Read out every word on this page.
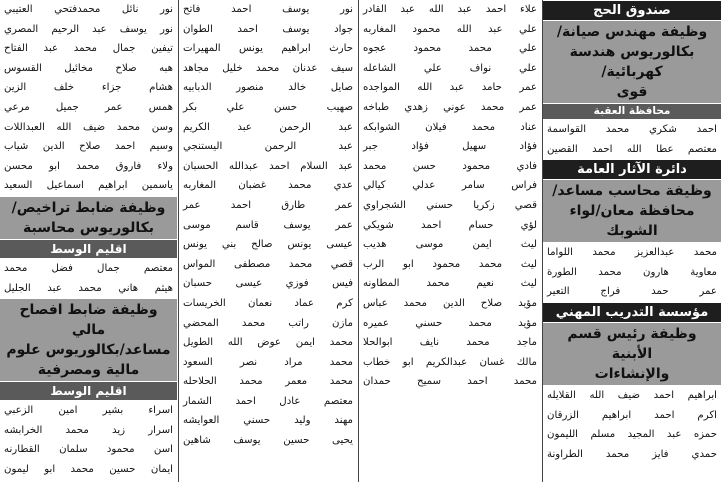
صندوق الحج
وظيفة مهندس صيانة/
بكالوريوس هندسة كهربائية/
قوى
محافظة العقبة
احمد شكري محمد القواسمة
معتصم عطا الله احمد القصين
دائرة الآثار العامة
وظيفة محاسب مساعد/
محافظة معان/لواء الشوبك
محمد عبدالعزيز محمد اللواما
معاوية هارون محمد الطورة
عمر حمد فراج التعير
مؤسسة التدريب المهني
وظيفة رئيس قسم الأبنية
والإنشاءات
ابراهيم احمد ضيف الله القلايله
اكرم احمد ابراهيم الزرقان
حمزه عبد المجيد مسلم الليمون
حمدي فايز محمد الطراونة
علاء احمد عبد الله عبد القادر
علي عبد الله محمود المغاربه
علي محمد محمود عجوه
علي نواف علي الشاعله
عمر حامد عبد الله المواجده
عمر محمد عوني زهدي طباخه
عناد محمد فيلان الشوابكه
فؤاد سهيل فؤاد جبر
فادي محمود حسن محمد
فراس سامر عدلي كيالي
قصي زكريا حسني الشجراوي
لؤي حسام احمد شويكي
ليث ايمن موسى هديب
ليث محمد محمود ابو الرب
ليث نعيم محمد المطاونه
مؤيد صلاح الدين محمد عباس
مؤيد محمد حسني عميره
ماجد محمد نايف ابوالحلا
مالك غسان عبدالكريم ابو خطاب
محمد احمد سميح حمدان
نور يوسف احمد فاتح
جواد يوسف احمد الطوان
حارث ابراهيم يونس المهيرات
سيف عدنان محمد خليل مجاهد
صايل خالد منصور الدبابيه
صهيب حسن علي بكر
عبد الرحمن عبد الكريم
عبد الرحمن اليستنجي
عبد السلام احمد عبدالله الحسبان
عدي محمد غضبان المغاربه
عمر طارق احمد عمر
عمر يوسف قاسم موسى
عيسى يونس صالح بني يونس
قصي محمد مصطفى المواس
فيس فوزي عيسى حسبان
كرم عماد نعمان الخريسات
مازن راتب محمد المحضي
محمد ايمن عوض الله الطويل
محمد مراد نصر السعود
محمد معمر محمد الحلاحله
معتصم عادل احمد الشمار
مهند وليد حسني العوايشه
يحيى حسين يوسف شاهين
نور نائل محمدفتحي العتيبي
نور يوسف عبد الرحيم المصري
تيفين جمال محمد عبد الفتاح
هبه صلاح مخائيل القسوس
هشام جزاء خلف الزين
همس عمر جميل مرعي
وسن محمد ضيف الله العبداللات
وسيم احمد صلاح الدين شياب
ولاء فاروق محمد ابو محسن
ياسمين ابراهيم اسماعيل السعيد
وظيفة ضابط تراخيص/
بكالوريوس محاسبة
اقليم الوسط
معتصم جمال فضل محمد
هيثم هاني محمد عبد الجليل
وظيفة ضابط افصاح مالي
مساعد/بكالوريوس علوم
مالية ومصرفية
اقليم الوسط
اسراء بشير امين الزعبي
اسرار زيد محمد الخرابشه
اسن محمود سلمان القطارنه
ايمان حسين محمد ابو ليمون
